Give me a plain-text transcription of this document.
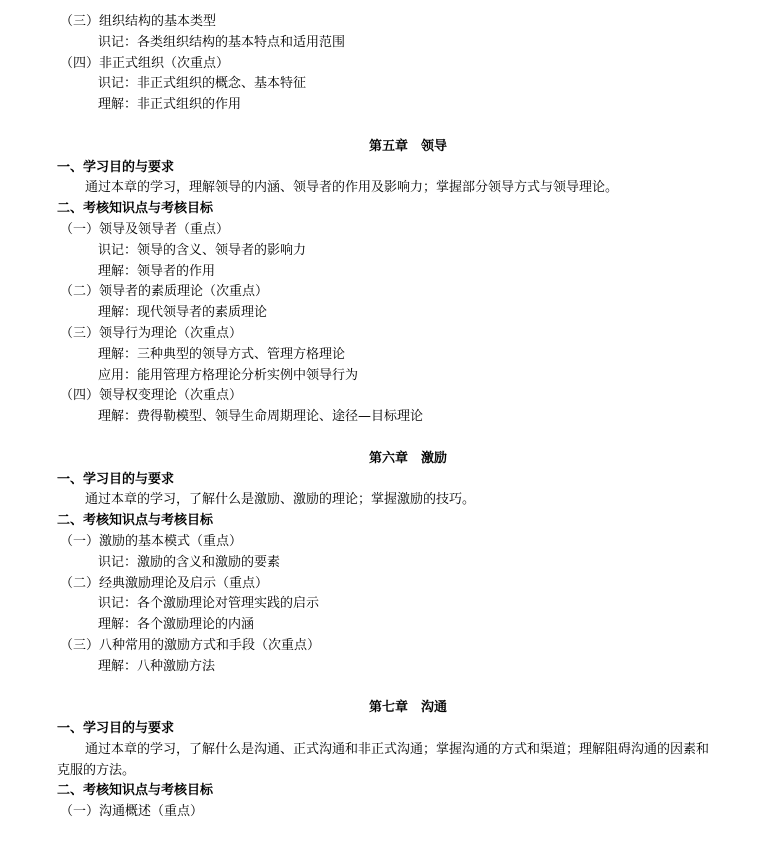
（三）组织结构的基本类型
识记：各类组织结构的基本特点和适用范围
（四）非正式组织（次重点）
识记：非正式组织的概念、基本特征
理解：非正式组织的作用
第五章　领导
一、学习目的与要求
通过本章的学习，理解领导的内涵、领导者的作用及影响力；掌握部分领导方式与领导理论。
二、考核知识点与考核目标
（一）领导及领导者（重点）
识记：领导的含义、领导者的影响力
理解：领导者的作用
（二）领导者的素质理论（次重点）
理解：现代领导者的素质理论
（三）领导行为理论（次重点）
理解：三种典型的领导方式、管理方格理论
应用：能用管理方格理论分析实例中领导行为
（四）领导权变理论（次重点）
理解：费得勒模型、领导生命周期理论、途径—目标理论
第六章　激励
一、学习目的与要求
通过本章的学习，了解什么是激励、激励的理论；掌握激励的技巧。
二、考核知识点与考核目标
（一）激励的基本模式（重点）
识记：激励的含义和激励的要素
（二）经典激励理论及启示（重点）
识记：各个激励理论对管理实践的启示
理解：各个激励理论的内涵
（三）八种常用的激励方式和手段（次重点）
理解：八种激励方法
第七章　沟通
一、学习目的与要求
通过本章的学习，了解什么是沟通、正式沟通和非正式沟通；掌握沟通的方式和渠道；理解阻碍沟通的因素和
克服的方法。
二、考核知识点与考核目标
（一）沟通概述（重点）
